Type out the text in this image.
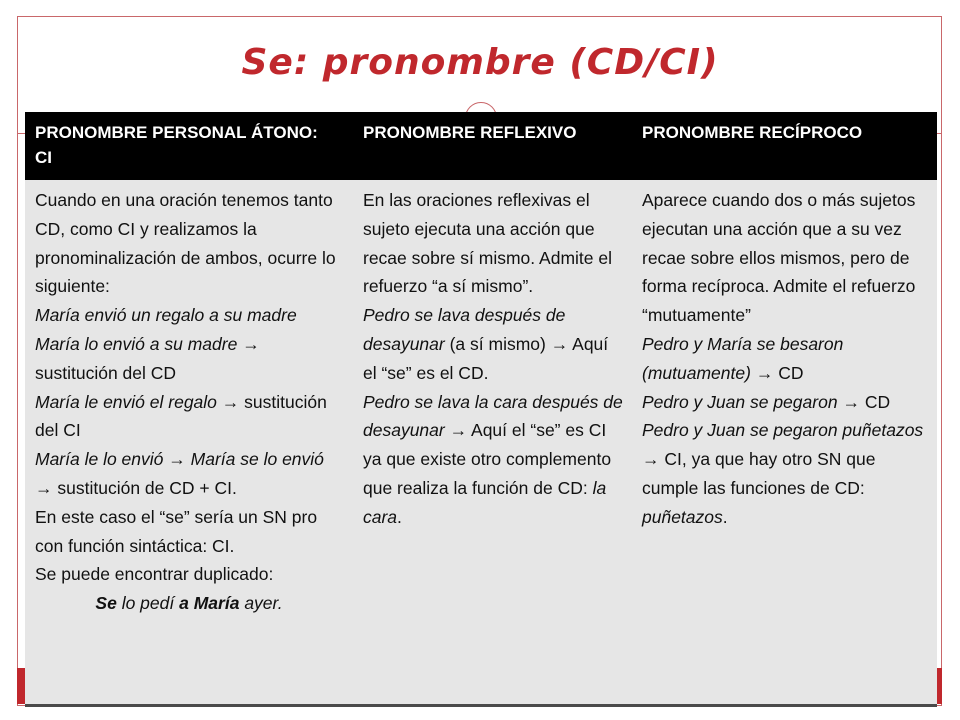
Se: pronombre (CD/CI)
PRONOMBRE PERSONAL ÁTONO: CI
PRONOMBRE REFLEXIVO	PRONOMBRE RECÍPROCO

Cuando en una oración tenemos tanto CD, como CI y realizamos la pronominalización de ambos, ocurre lo siguiente:

María envió un regalo a su madre

María lo envió a su madre → sustitución del CD

María le envió el regalo → sustitución del CI

María le lo envió → María se lo envió → sustitución de CD + CI.

En este caso el “se” sería un SN pro con función sintáctica: CI.

Se puede encontrar duplicado:

Se lo pedí a María ayer.

En las oraciones reflexivas el sujeto ejecuta una acción que recae sobre sí mismo. Admite el refuerzo “a sí mismo”.

Pedro se lava después de desayunar (a sí mismo) → Aquí el “se” es el CD.

Pedro se lava la cara después de desayunar → Aquí el “se” es CI ya que existe otro complemento que realiza la función de CD: la cara.

Aparece cuando dos o más sujetos ejecutan una acción que a su vez recae sobre ellos mismos, pero de forma recíproca. Admite el refuerzo “mutuamente”

Pedro y María se besaron (mutuamente) → CD

Pedro y Juan se pegaron → CD

Pedro y Juan se pegaron puñetazos → CI, ya que hay otro SN que cumple las funciones de CD: puñetazos.
